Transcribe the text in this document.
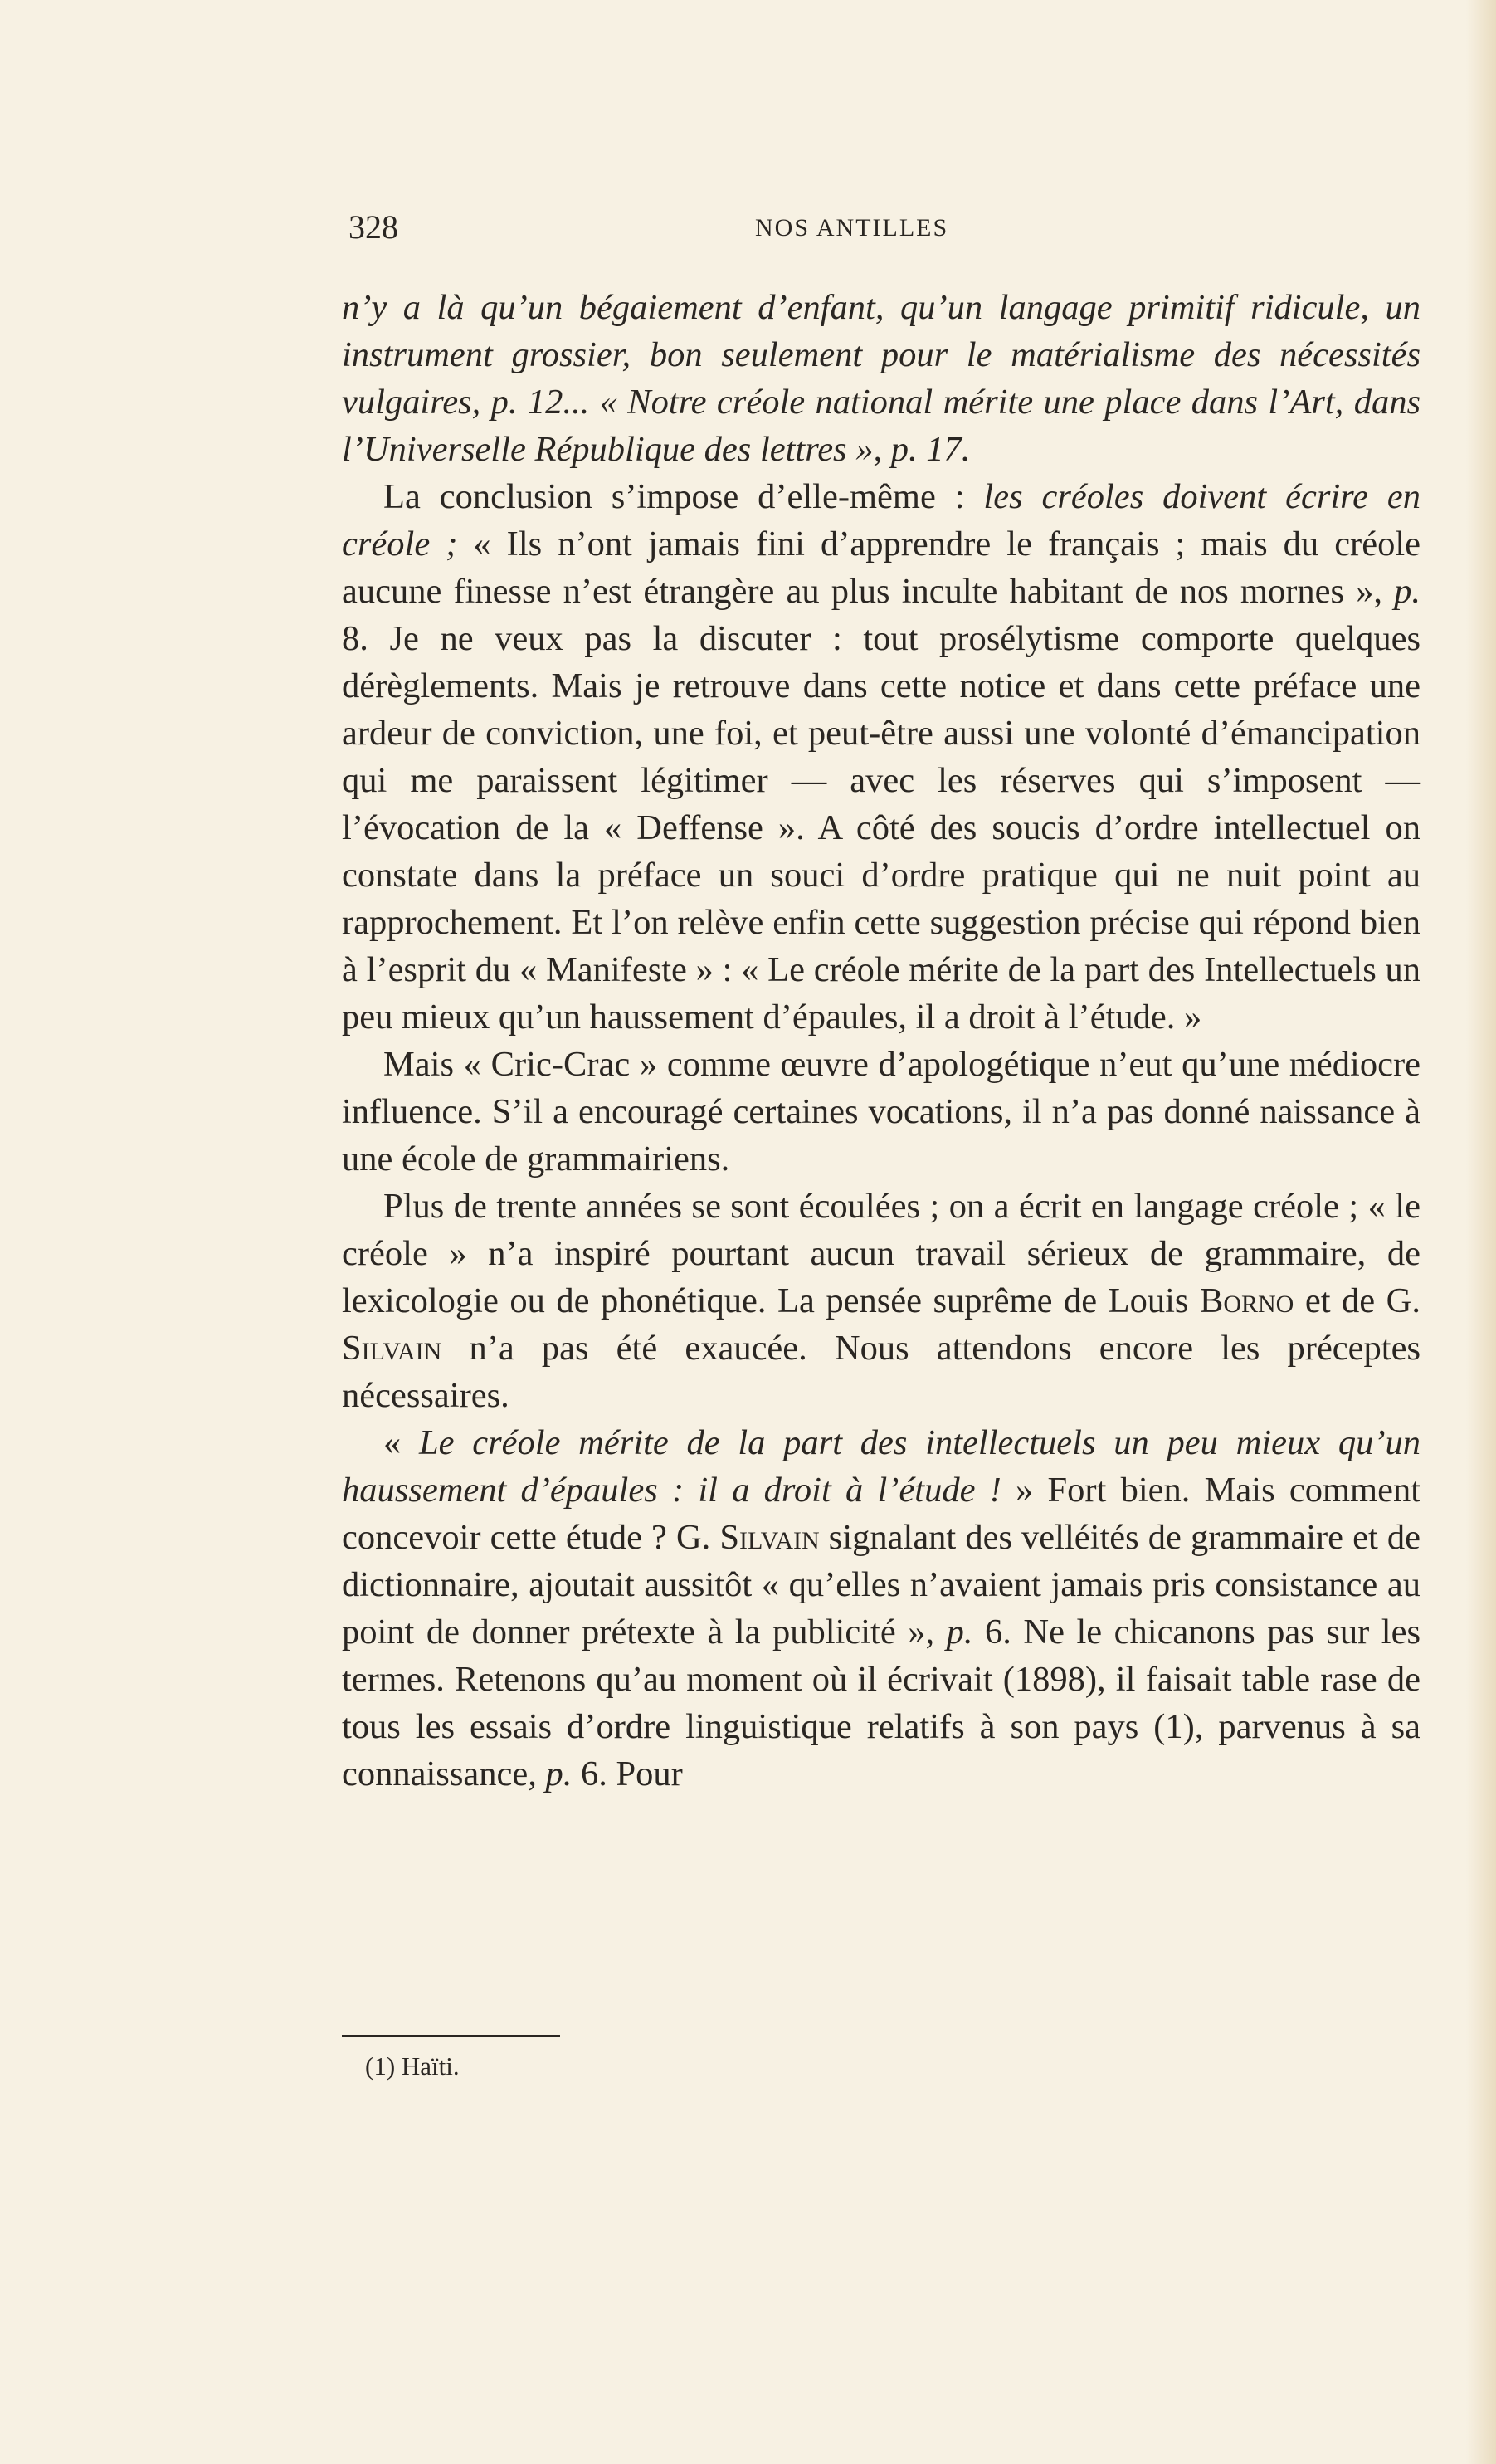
328	NOS ANTILLES

n’y a là qu’un bégaiement d’enfant, qu’un langage primitif ridicule, un instrument grossier, bon seulement pour le matérialisme des nécessités vulgaires, p. 12... « Notre créole national mérite une place dans l’Art, dans l’Universelle République des lettres », p. 17.

La conclusion s’impose d’elle-même : les créoles doivent écrire en créole ; « Ils n’ont jamais fini d’apprendre le français ; mais du créole aucune finesse n’est étrangère au plus inculte habitant de nos mornes », p. 8. Je ne veux pas la discuter : tout prosélytisme comporte quelques dérèglements. Mais je retrouve dans cette notice et dans cette préface une ardeur de conviction, une foi, et peut-être aussi une volonté d’émancipation qui me paraissent légitimer — avec les réserves qui s’imposent — l’évocation de la « Deffense ». A côté des soucis d’ordre intellectuel on constate dans la préface un souci d’ordre pratique qui ne nuit point au rapprochement. Et l’on relève enfin cette suggestion précise qui répond bien à l’esprit du « Manifeste » : « Le créole mérite de la part des Intellectuels un peu mieux qu’un haussement d’épaules, il a droit à l’étude. »

Mais « Cric-Crac » comme œuvre d’apologétique n’eut qu’une médiocre influence. S’il a encouragé certaines vocations, il n’a pas donné naissance à une école de grammairiens.

Plus de trente années se sont écoulées ; on a écrit en langage créole ; « le créole » n’a inspiré pourtant aucun travail sérieux de grammaire, de lexicologie ou de phonétique. La pensée suprême de Louis Borno et de G. Silvain n’a pas été exaucée. Nous attendons encore les préceptes nécessaires.

« Le créole mérite de la part des intellectuels un peu mieux qu’un haussement d’épaules : il a droit à l’étude ! » Fort bien. Mais comment concevoir cette étude ? G. Silvain signalant des velléités de grammaire et de dictionnaire, ajoutait aussitôt « qu’elles n’avaient jamais pris consistance au point de donner prétexte à la publicité », p. 6. Ne le chicanons pas sur les termes. Retenons qu’au moment où il écrivait (1898), il faisait table rase de tous les essais d’ordre linguistique relatifs à son pays (1), parvenus à sa connaissance, p. 6. Pour

(1) Haïti.
